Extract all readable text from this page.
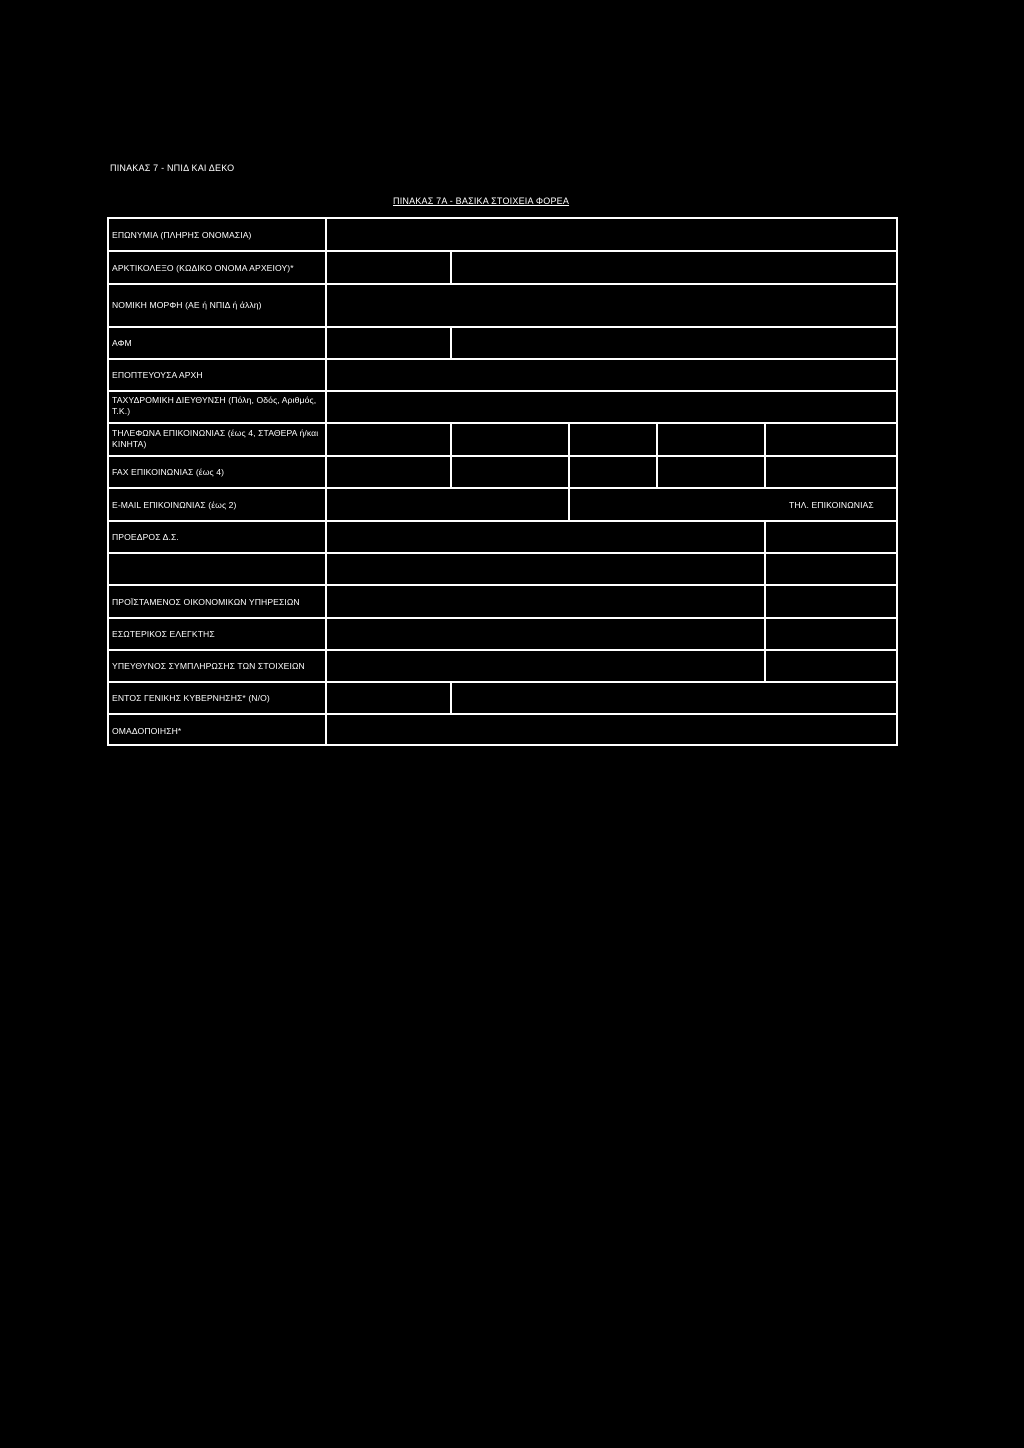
ΠΙΝΑΚΑΣ 7 - ΝΠΙΔ ΚΑΙ ΔΕΚΟ
ΠΙΝΑΚΑΣ 7Α - ΒΑΣΙΚΑ ΣΤΟΙΧΕΙΑ ΦΟΡΕΑ
ΕΠΩΝΥΜΙΑ (ΠΛΗΡΗΣ ΟΝΟΜΑΣΙΑ)
ΑΡΚΤΙΚΟΛΕΞΟ (ΚΩΔΙΚΟ ΟΝΟΜΑ ΑΡΧΕΙΟΥ)*
ΝΟΜΙΚΗ ΜΟΡΦΗ (ΑΕ ή ΝΠΙΔ ή άλλη)
ΑΦΜ
ΕΠΟΠΤΕΥΟΥΣΑ ΑΡΧΗ
ΤΑΧΥΔΡΟΜΙΚΗ ΔΙΕΥΘΥΝΣΗ (Πόλη, Οδός, Αριθμός, Τ.Κ.)
ΤΗΛΕΦΩΝΑ ΕΠΙΚΟΙΝΩΝΙΑΣ (έως 4, ΣΤΑΘΕΡΑ ή/και ΚΙΝΗΤΑ)
FAX ΕΠΙΚΟΙΝΩΝΙΑΣ (έως 4)
E-MAIL ΕΠΙΚΟΙΝΩΝΙΑΣ (έως 2)	ΤΗΛ. ΕΠΙΚΟΙΝΩΝΙΑΣ
ΠΡΟΕΔΡΟΣ Δ.Σ.
ΠΡΟΪΣΤΑΜΕΝΟΣ ΟΙΚΟΝΟΜΙΚΩΝ ΥΠΗΡΕΣΙΩΝ
ΕΣΩΤΕΡΙΚΟΣ ΕΛΕΓΚΤΗΣ
ΥΠΕΥΘΥΝΟΣ ΣΥΜΠΛΗΡΩΣΗΣ ΤΩΝ ΣΤΟΙΧΕΙΩΝ
ΕΝΤΟΣ ΓΕΝΙΚΗΣ ΚΥΒΕΡΝΗΣΗΣ* (Ν/Ο)
ΟΜΑΔΟΠΟΙΗΣΗ*
